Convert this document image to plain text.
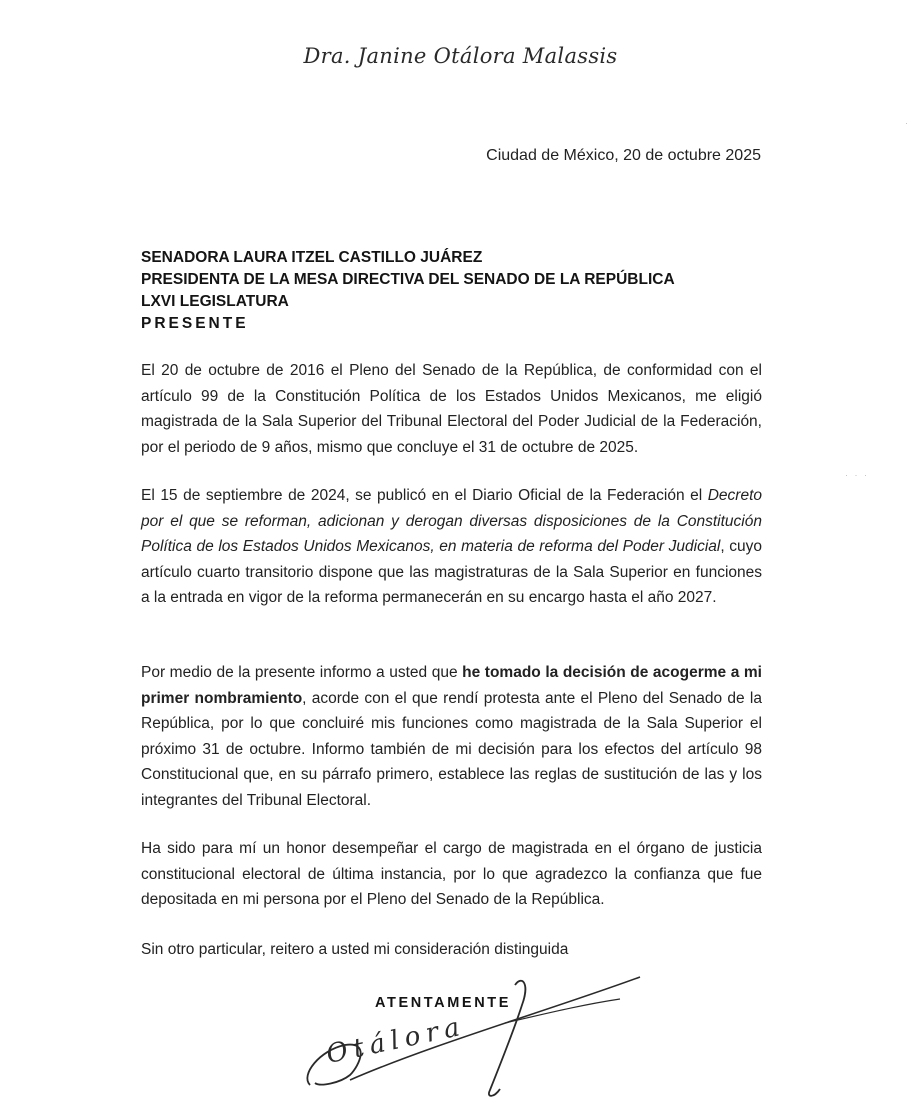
Dra. Janine Otálora Malassis
Ciudad de México, 20 de octubre 2025
SENADORA LAURA ITZEL CASTILLO JUÁREZ
PRESIDENTA DE LA MESA DIRECTIVA DEL SENADO DE LA REPÚBLICA
LXVI LEGISLATURA
PRESENTE

El 20 de octubre de 2016 el Pleno del Senado de la República, de conformidad con el artículo 99 de la Constitución Política de los Estados Unidos Mexicanos, me eligió magistrada de la Sala Superior del Tribunal Electoral del Poder Judicial de la Federación, por el periodo de 9 años, mismo que concluye el 31 de octubre de 2025.

El 15 de septiembre de 2024, se publicó en el Diario Oficial de la Federación el Decreto por el que se reforman, adicionan y derogan diversas disposiciones de la Constitución Política de los Estados Unidos Mexicanos, en materia de reforma del Poder Judicial, cuyo artículo cuarto transitorio dispone que las magistraturas de la Sala Superior en funciones a la entrada en vigor de la reforma permanecerán en su encargo hasta el año 2027.

Por medio de la presente informo a usted que he tomado la decisión de acogerme a mi primer nombramiento, acorde con el que rendí protesta ante el Pleno del Senado de la República, por lo que concluiré mis funciones como magistrada de la Sala Superior el próximo 31 de octubre. Informo también de mi decisión para los efectos del artículo 98 Constitucional que, en su párrafo primero, establece las reglas de sustitución de las y los integrantes del Tribunal Electoral.

Ha sido para mí un honor desempeñar el cargo de magistrada en el órgano de justicia constitucional electoral de última instancia, por lo que agradezco la confianza que fue depositada en mi persona por el Pleno del Senado de la República.

Sin otro particular, reitero a usted mi consideración distinguida

ATENTAMENTE
Otálora
·
· · ·
